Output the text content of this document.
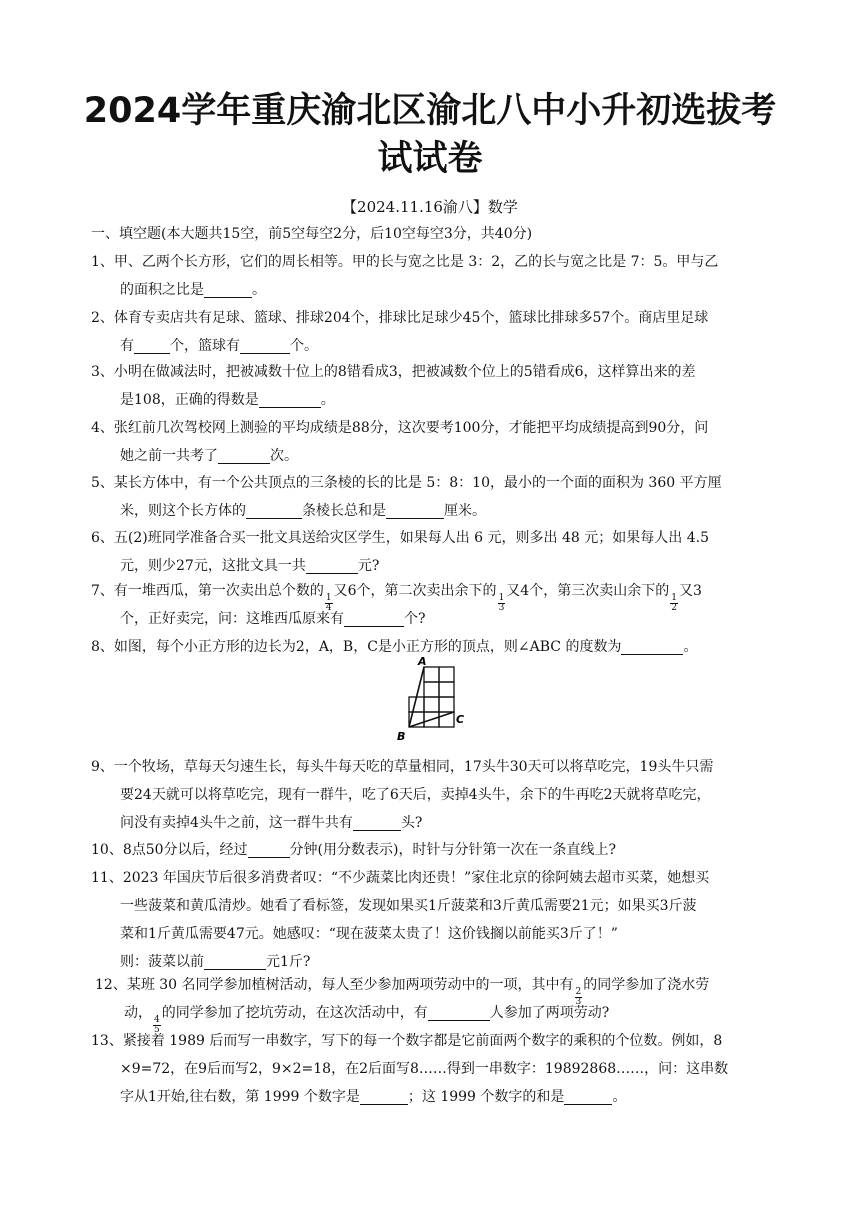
2024学年重庆渝北区渝北八中小升初选拔考
试试卷
【2024.11.16渝八】数学
一、填空题(本大题共15空，前5空每空2分，后10空每空3分，共40分)
1、甲、乙两个长方形，它们的周长相等。甲的长与宽之比是 3：2，乙的长与宽之比是 7：5。甲与乙
的面积之比是	。
2、体育专卖店共有足球、篮球、排球204个，排球比足球少45个，篮球比排球多57个。商店里足球
有	个，篮球有	个。
3、小明在做减法时，把被减数十位上的8错看成3，把被减数个位上的5错看成6，这样算出来的差
是108，正确的得数是	。
4、张红前几次驾校网上测验的平均成绩是88分，这次要考100分，才能把平均成绩提高到90分，问
她之前一共考了	次。
5、某长方体中，有一个公共顶点的三条棱的长的比是 5：8：10，最小的一个面的面积为 360 平方厘
米，则这个长方体的	条棱长总和是	厘米。
6、五(2)班同学准备合买一批文具送给灾区学生，如果每人出 6 元，则多出 48 元；如果每人出 4.5
元，则少27元，这批文具一共	元?
7、有一堆西瓜，第一次卖出总个数的
$\frac{1}{4}$
又6个，第二次卖出余下的
$\frac{1}{3}$
又4个，第三次卖山余下的
$\frac{1}{2}$
又3
个，正好卖完，问：这堆西瓜原来有	个?
8、如图，每个小正方形的边长为2，A，B，C是小正方形的顶点，则∠ABC 的度数为	。
A
B
C
9、一个牧场，草每天匀速生长，每头牛每天吃的草量相同，17头牛30天可以将草吃完，19头牛只需
要24天就可以将草吃完，现有一群牛，吃了6天后，卖掉4头牛，余下的牛再吃2天就将草吃完，
问没有卖掉4头牛之前，这一群牛共有	头?
10、8点50分以后，经过	分钟(用分数表示)，时针与分针第一次在一条直线上?
11、2023 年国庆节后很多消费者叹：“不少蔬菜比肉还贵！”家住北京的徐阿姨去超市买菜，她想买
一些菠菜和黄瓜清炒。她看了看标签，发现如果买1斤菠菜和3斤黄瓜需要21元；如果买3斤菠
菜和1斤黄瓜需要47元。她感叹：“现在菠菜太贵了！这价钱搁以前能买3斤了！”
则：菠菜以前	元1斤?
12、某班 30 名同学参加植树活动，每人至少参加两项劳动中的一项，其中有
$\frac{2}{3}$
的同学参加了浇水劳
动，
$\frac{4}{5}$
的同学参加了挖坑劳动，在这次活动中，有	人参加了两项劳动?
13、紧接着 1989 后而写一串数字，写下的每一个数字都是它前面两个数字的乘积的个位数。例如，8
×9=72，在9后而写2，9×2=18，在2后面写8……得到一串数字：19892868……，问：这串数
字从1开始,往右数，第 1999 个数字是	；这 1999 个数字的和是	。
